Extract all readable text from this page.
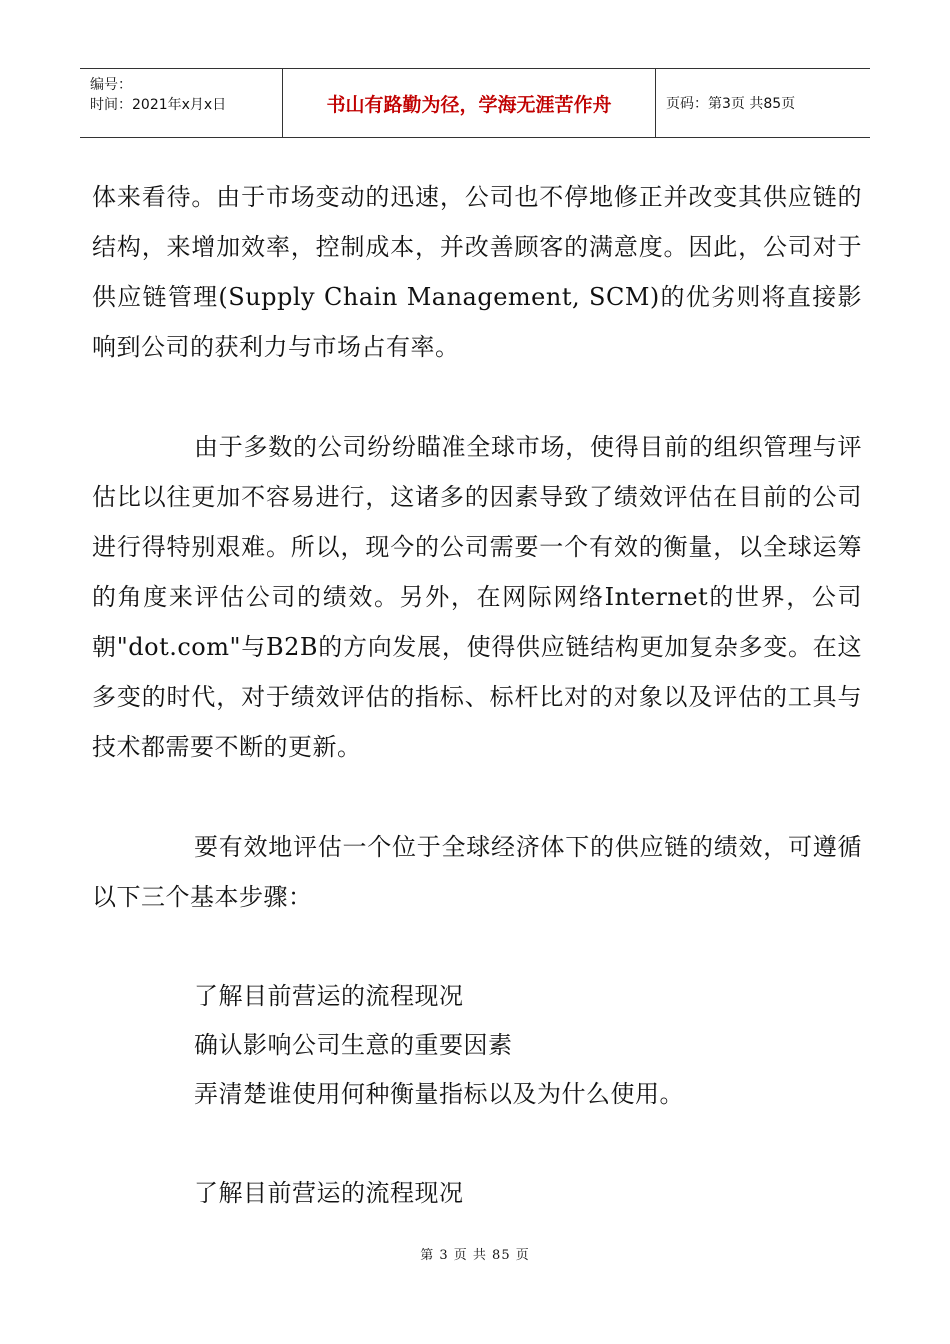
编号：
时间：2021年x月x日	书山有路勤为径，学海无涯苦作舟	页码：第3页 共85页

体来看待。由于市场变动的迅速，公司也不停地修正并改变其供应链的结构，来增加效率，控制成本，并改善顾客的满意度。因此，公司对于供应链管理(Supply Chain Management, SCM)的优劣则将直接影响到公司的获利力与市场占有率。

由于多数的公司纷纷瞄准全球市场，使得目前的组织管理与评估比以往更加不容易进行，这诸多的因素导致了绩效评估在目前的公司进行得特别艰难。所以，现今的公司需要一个有效的衡量，以全球运筹的角度来评估公司的绩效。另外，在网际网络Internet的世界，公司朝"dot.com"与B2B的方向发展，使得供应链结构更加复杂多变。在这多变的时代，对于绩效评估的指标、标杆比对的对象以及评估的工具与技术都需要不断的更新。

要有效地评估一个位于全球经济体下的供应链的绩效，可遵循以下三个基本步骤：

了解目前营运的流程现况
确认影响公司生意的重要因素
弄清楚谁使用何种衡量指标以及为什么使用。
了解目前营运的流程现况
第 3 页 共 85 页
